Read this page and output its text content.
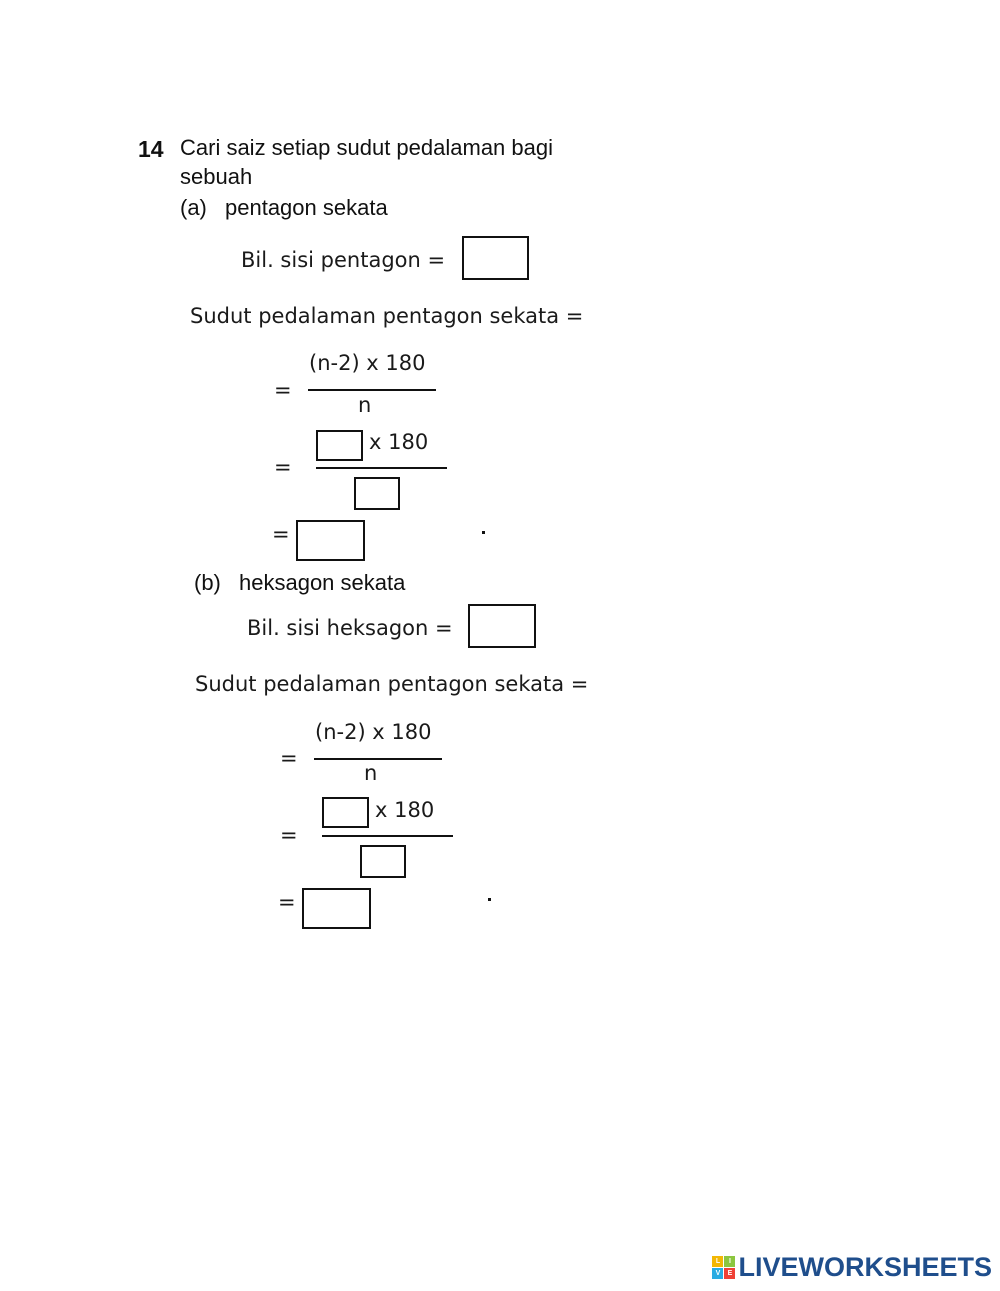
14 Cari saiz setiap sudut pedalaman bagi
sebuah
(a) pentagon sekata
Bil. sisi pentagon =
Sudut pedalaman pentagon sekata =
=
(n-2) x 180
n
=
x 180
=
(b) heksagon sekata
Bil. sisi heksagon =
Sudut pedalaman pentagon sekata =
=
(n-2) x 180
n
=
x 180
=
L	I
V	E LIVEWORKSHEETS
